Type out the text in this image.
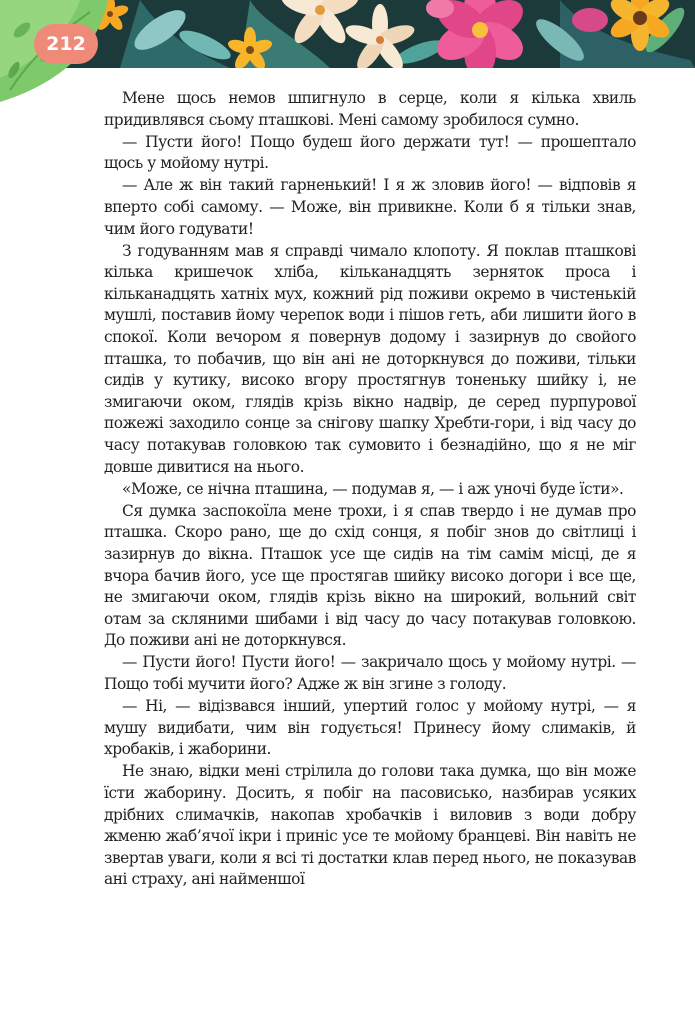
212

Мене щось немов шпигнуло в серце, коли я кілька хвиль придивлявся сьому пташкові. Мені самому зробилося сумно.

— Пусти його! Пощо будеш його держати тут! — прошептало щось у мойому нутрі.

— Але ж він такий гарненький! І я ж зловив його! — відповів я вперто собі самому. — Може, він привикне. Коли б я тільки знав, чим його годувати!

З годуванням мав я справді чимало клопоту. Я поклав пташкові кілька кришечок хліба, кільканадцять зерняток проса і кільканадцять хатніх мух, кожний рід поживи окремо в чистенькій мушлі, поставив йому черепок води і пішов геть, аби лишити його в спокої. Коли вечором я повернув додому і зазирнув до свойого пташка, то побачив, що він ані не доторкнувся до поживи, тільки сидів у кутику, високо вгору простягнув тоненьку шийку і, не змигаючи оком, глядів крізь вікно надвір, де серед пурпурової пожежі заходило сонце за снігову шапку Хребти-гори, і від часу до часу потакував головкою так сумовито і безнадійно, що я не міг довше дивитися на нього.

«Може, се нічна пташина, — подумав я, — і аж уночі буде їсти».

Ся думка заспокоїла мене трохи, і я спав твердо і не думав про пташка. Скоро рано, ще до схід сонця, я побіг знов до світлиці і зазирнув до вікна. Пташок усе ще сидів на тім самім місці, де я вчора бачив його, усе ще простягав шийку високо догори і все ще, не змигаючи оком, глядів крізь вікно на широкий, вольний світ отам за скляними шибами і від часу до часу потакував головкою. До поживи ані не доторкнувся.

— Пусти його! Пусти його! — закричало щось у мойому нутрі. — Пощо тобі мучити його? Адже ж він згине з голоду.

— Ні, — відізвався інший, упертий голос у мойому нутрі, — я мушу видибати, чим він годується! Принесу йому слимаків, й хробаків, і жаборини.

Не знаю, відки мені стрілила до голови така думка, що він може їсти жаборину. Досить, я побіг на пасовисько, назбирав усяких дрібних слимачків, накопав хробачків і виловив з води добру жменю жаб’ячої ікри і приніс усе те мойому бранцеві. Він навіть не звертав уваги, коли я всі ті достатки клав перед нього, не показував ані страху, ані найменшої
